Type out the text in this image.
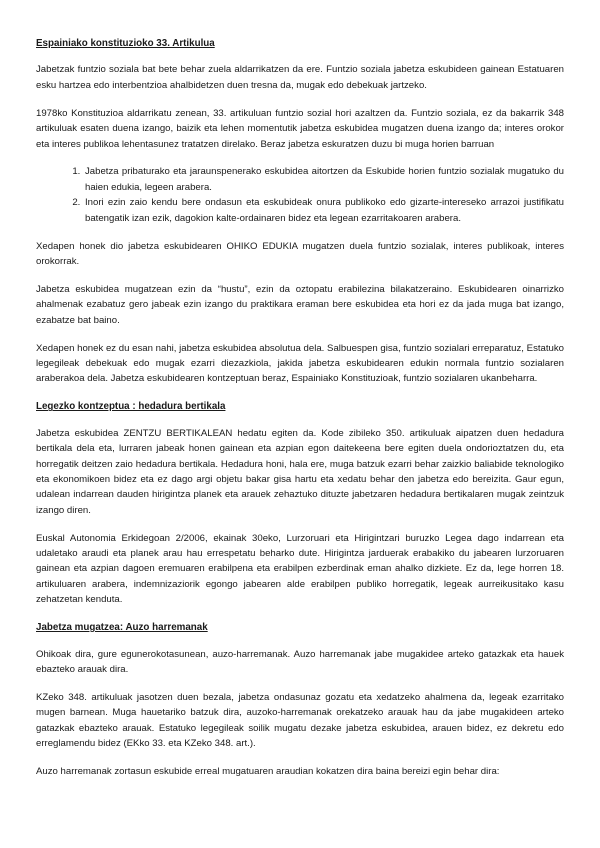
Espainiako konstituzioko 33. Artikulua

Jabetzak funtzio soziala bat bete behar zuela aldarrikatzen da ere. Funtzio soziala jabetza eskubideen gainean Estatuaren esku hartzea edo interbentzioa ahalbidetzen duen tresna da, mugak edo debekuak jartzeko.

1978ko Konstituzioa aldarrikatu zenean, 33. artikuluan funtzio sozial hori azaltzen da. Funtzio soziala, ez da bakarrik 348 artikuluak esaten duena izango, baizik eta lehen momentutik jabetza eskubidea mugatzen duena izango da; interes orokor eta interes publikoa lehentasunez tratatzen direlako. Beraz jabetza eskuratzen duzu bi muga horien barruan

1. Jabetza pribaturako eta jaraunspenerako eskubidea aitortzen da Eskubide horien funtzio sozialak mugatuko du haien edukia, legeen arabera.
2. Inori ezin zaio kendu bere ondasun eta eskubideak onura publikoko edo gizarte-intereseko arrazoi justifikatu batengatik izan ezik, dagokion kalte-ordainaren bidez eta legean ezarritakoaren arabera.

Xedapen honek dio jabetza eskubidearen OHIKO EDUKIA mugatzen duela funtzio sozialak, interes publikoak, interes orokorrak.

Jabetza eskubidea mugatzean ezin da “hustu”, ezin da oztopatu erabilezina bilakatzeraino. Eskubidearen oinarrizko ahalmenak ezabatuz gero jabeak ezin izango du praktikara eraman bere eskubidea eta hori ez da jada muga bat izango, ezabatze bat baino.

Xedapen honek ez du esan nahi, jabetza eskubidea absolutua dela. Salbuespen gisa, funtzio sozialari erreparatuz, Estatuko legegileak debekuak edo mugak ezarri diezazkiola, jakida jabetza eskubidearen edukin normala funtzio sozialaren araberakoa dela. Jabetza eskubidearen kontzeptuan beraz, Espainiako Konstituzioak, funtzio sozialaren ukanbeharra.

Legezko kontzeptua : hedadura bertikala

Jabetza eskubidea ZENTZU BERTIKALEAN hedatu egiten da. Kode zibileko 350. artikuluak aipatzen duen hedadura bertikala dela eta, lurraren jabeak honen gainean eta azpian egon daitekeena bere egiten duela ondorioztatzen du, eta horregatik deitzen zaio hedadura bertikala. Hedadura honi, hala ere, muga batzuk ezarri behar zaizkio baliabide teknologiko eta ekonomikoen bidez eta ez dago argi objetu bakar gisa hartu eta xedatu behar den jabetza edo bereizita. Gaur egun, udalean indarrean dauden hirigintza planek eta arauek zehaztuko dituzte jabetzaren hedadura bertikalaren mugak zeintzuk izango diren.

Euskal Autonomia Erkidegoan 2/2006, ekainak 30eko, Lurzoruari eta Hirigintzari buruzko Legea dago indarrean eta udaletako araudi eta planek arau hau errespetatu beharko dute. Hirigintza jarduerak erabakiko du jabearen lurzoruaren gainean eta azpian dagoen eremuaren erabilpena eta erabilpen ezberdinak eman ahalko dizkiete. Ez da, lege horren 18. artikuluaren arabera, indemnizaziorik egongo jabearen alde erabilpen publiko horregatik, legeak aurreikusitako kasu zehatzetan kenduta.

Jabetza mugatzea: Auzo harremanak

Ohikoak dira, gure egunerokotasunean, auzo-harremanak. Auzo harremanak jabe mugakidee arteko gatazkak eta hauek ebazteko arauak dira.

KZeko 348. artikuluak jasotzen duen bezala, jabetza ondasunaz gozatu eta xedatzeko ahalmena da, legeak ezarritako mugen barnean. Muga hauetariko batzuk dira, auzoko-harremanak orekatzeko arauak hau da jabe mugakideen arteko gatazkak ebazteko arauak. Estatuko legegileak soilik mugatu dezake jabetza eskubidea, arauen bidez, ez dekretu edo erreglamendu bidez (EKko 33. eta KZeko 348. art.).

Auzo harremanak zortasun eskubide erreal mugatuaren araudian kokatzen dira baina bereizi egin behar dira:
